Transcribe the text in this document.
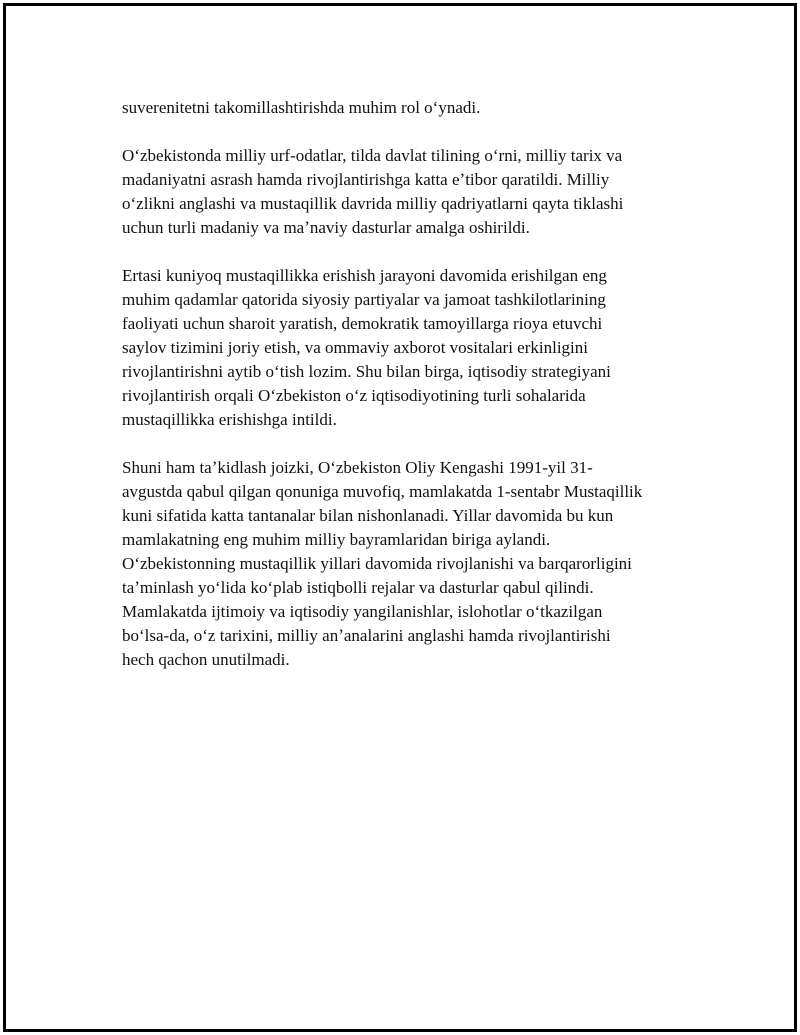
suverenitetni takomillashtirishda muhim rol oʻynadi.

Oʻzbekistonda milliy urf-odatlar, tilda davlat tilining oʻrni, milliy tarix va
madaniyatni asrash hamda rivojlantirishga katta eʼtibor qaratildi. Milliy
oʻzlikni anglashi va mustaqillik davrida milliy qadriyatlarni qayta tiklashi
uchun turli madaniy va maʼnaviy dasturlar amalga oshirildi.

Ertasi kuniyoq mustaqillikka erishish jarayoni davomida erishilgan eng
muhim qadamlar qatorida siyosiy partiyalar va jamoat tashkilotlarining
faoliyati uchun sharoit yaratish, demokratik tamoyillarga rioya etuvchi
saylov tizimini joriy etish, va ommaviy axborot vositalari erkinligini
rivojlantirishni aytib oʻtish lozim. Shu bilan birga, iqtisodiy strategiyani
rivojlantirish orqali Oʻzbekiston oʻz iqtisodiyotining turli sohalarida
mustaqillikka erishishga intildi.

Shuni ham taʼkidlash joizki, Oʻzbekiston Oliy Kengashi 1991-yil 31-
avgustda qabul qilgan qonuniga muvofiq, mamlakatda 1-sentabr Mustaqillik
kuni sifatida katta tantanalar bilan nishonlanadi. Yillar davomida bu kun
mamlakatning eng muhim milliy bayramlaridan biriga aylandi.
Oʻzbekistonning mustaqillik yillari davomida rivojlanishi va barqarorligini
taʼminlash yoʻlida koʻplab istiqbolli rejalar va dasturlar qabul qilindi.
Mamlakatda ijtimoiy va iqtisodiy yangilanishlar, islohotlar oʻtkazilgan
boʻlsa-da, oʻz tarixini, milliy anʼanalarini anglashi hamda rivojlantirishi
hech qachon unutilmadi.
